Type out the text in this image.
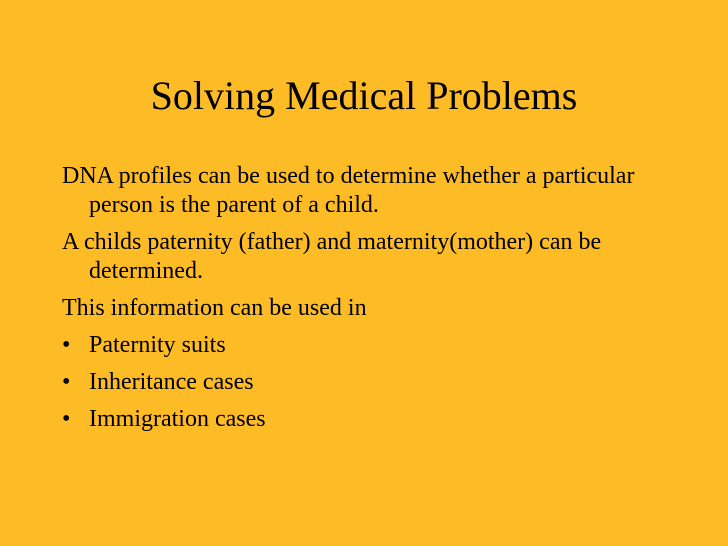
Solving Medical Problems
DNA profiles can be used to determine whether a particular person is the parent of a child.
A childs paternity (father) and maternity(mother) can be determined.
This information can be used in
• Paternity suits
• Inheritance cases
• Immigration cases
